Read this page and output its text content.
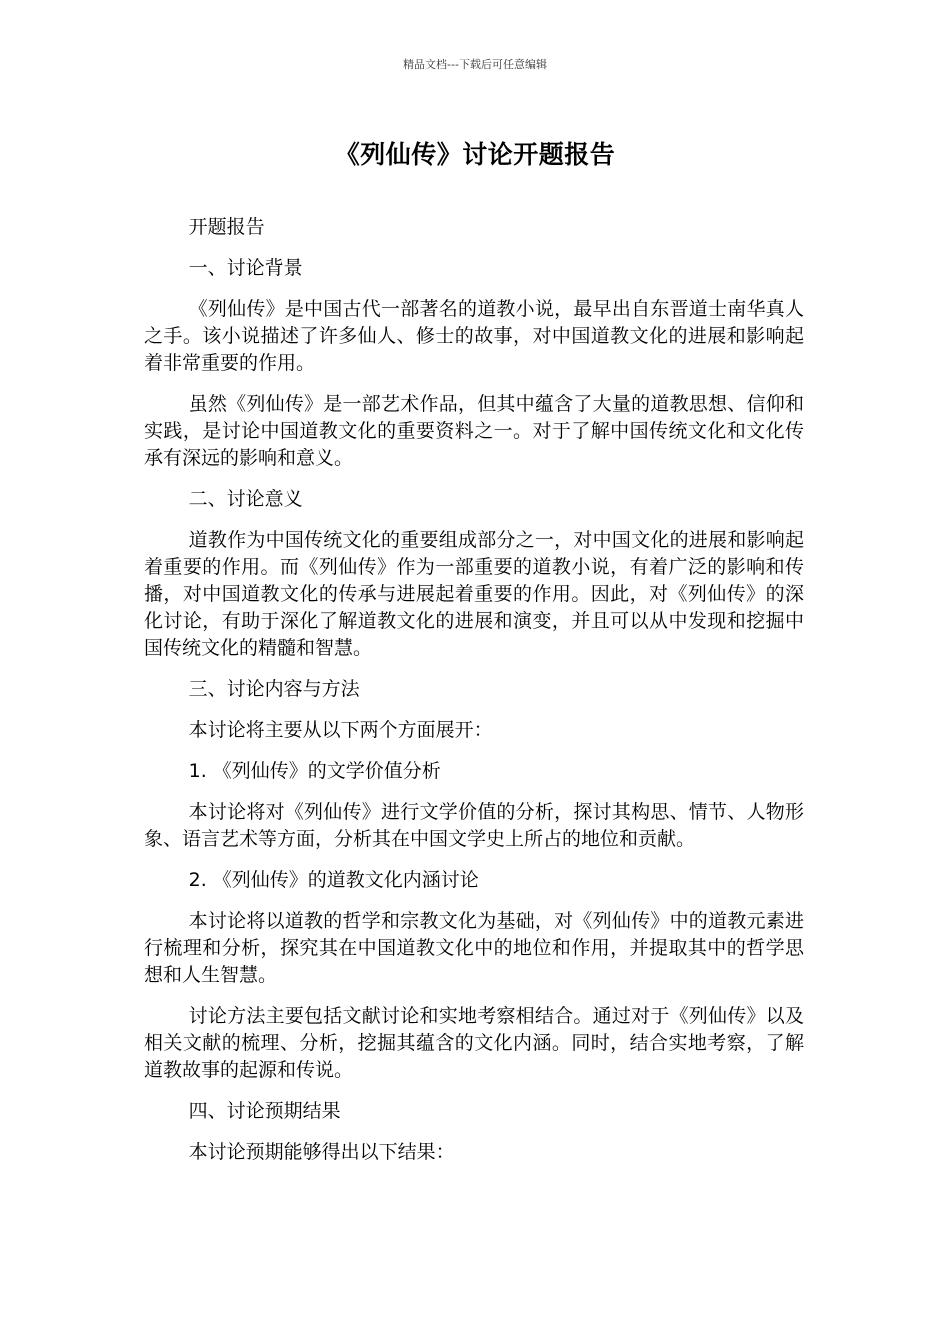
精品文档---下载后可任意编辑
《列仙传》讨论开题报告

开题报告

一、讨论背景

《列仙传》是中国古代一部著名的道教小说，最早出自东晋道士南华真人之手。该小说描述了许多仙人、修士的故事，对中国道教文化的进展和影响起着非常重要的作用。

虽然《列仙传》是一部艺术作品，但其中蕴含了大量的道教思想、信仰和实践，是讨论中国道教文化的重要资料之一。对于了解中国传统文化和文化传承有深远的影响和意义。

二、讨论意义

道教作为中国传统文化的重要组成部分之一，对中国文化的进展和影响起着重要的作用。而《列仙传》作为一部重要的道教小说，有着广泛的影响和传播，对中国道教文化的传承与进展起着重要的作用。因此，对《列仙传》的深化讨论，有助于深化了解道教文化的进展和演变，并且可以从中发现和挖掘中国传统文化的精髓和智慧。

三、讨论内容与方法

本讨论将主要从以下两个方面展开：

1. 《列仙传》的文学价值分析

本讨论将对《列仙传》进行文学价值的分析，探讨其构思、情节、人物形象、语言艺术等方面，分析其在中国文学史上所占的地位和贡献。

2. 《列仙传》的道教文化内涵讨论

本讨论将以道教的哲学和宗教文化为基础，对《列仙传》中的道教元素进行梳理和分析，探究其在中国道教文化中的地位和作用，并提取其中的哲学思想和人生智慧。

讨论方法主要包括文献讨论和实地考察相结合。通过对于《列仙传》以及相关文献的梳理、分析，挖掘其蕴含的文化内涵。同时，结合实地考察，了解道教故事的起源和传说。

四、讨论预期结果

本讨论预期能够得出以下结果：
